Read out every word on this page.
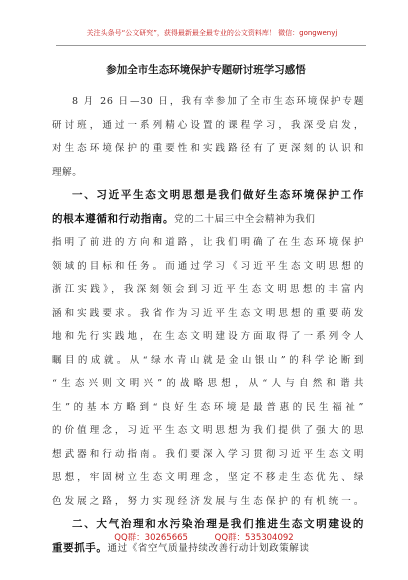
关注头条号“公文研究”，获得最新最全最专业的公文资料库！ 微信：gongwenyj
参加全市生态环境保护专题研讨班学习感悟
8 月 26 日—30 日，我有幸参加了全市生态环境保护专题
研讨班，通过一系列精心设置的课程学习，我深受启发，
对生态环境保护的重要性和实践路径有了更深刻的认识和
理解。
一、习近平生态文明思想是我们做好生态环境保护工作
的根本遵循和行动指南。党的二十届三中全会精神为我们
指明了前进的方向和道路，让我们明确了在生态环境保护
领域的目标和任务。而通过学习《习近平生态文明思想的
浙江实践》，我深刻领会到习近平生态文明思想的丰富内
涵和实践要求。我省作为习近平生态文明思想的重要萌发
地和先行实践地，在生态文明建设方面取得了一系列令人
瞩目的成就。从“绿水青山就是金山银山”的科学论断到
“生态兴则文明兴”的战略思想，从“人与自然和谐共
生”的基本方略到“良好生态环境是最普惠的民生福祉”
的价值理念，习近平生态文明思想为我们提供了强大的思
想武器和行动指南。我们要深入学习贯彻习近平生态文明
思想，牢固树立生态文明理念，坚定不移走生态优先、绿
色发展之路，努力实现经济发展与生态保护的有机统一。
二、大气治理和水污染治理是我们推进生态文明建设的
重要抓手。通过《省空气质量持续改善行动计划政策解读
QQ群：30265665	QQ群：535304092
